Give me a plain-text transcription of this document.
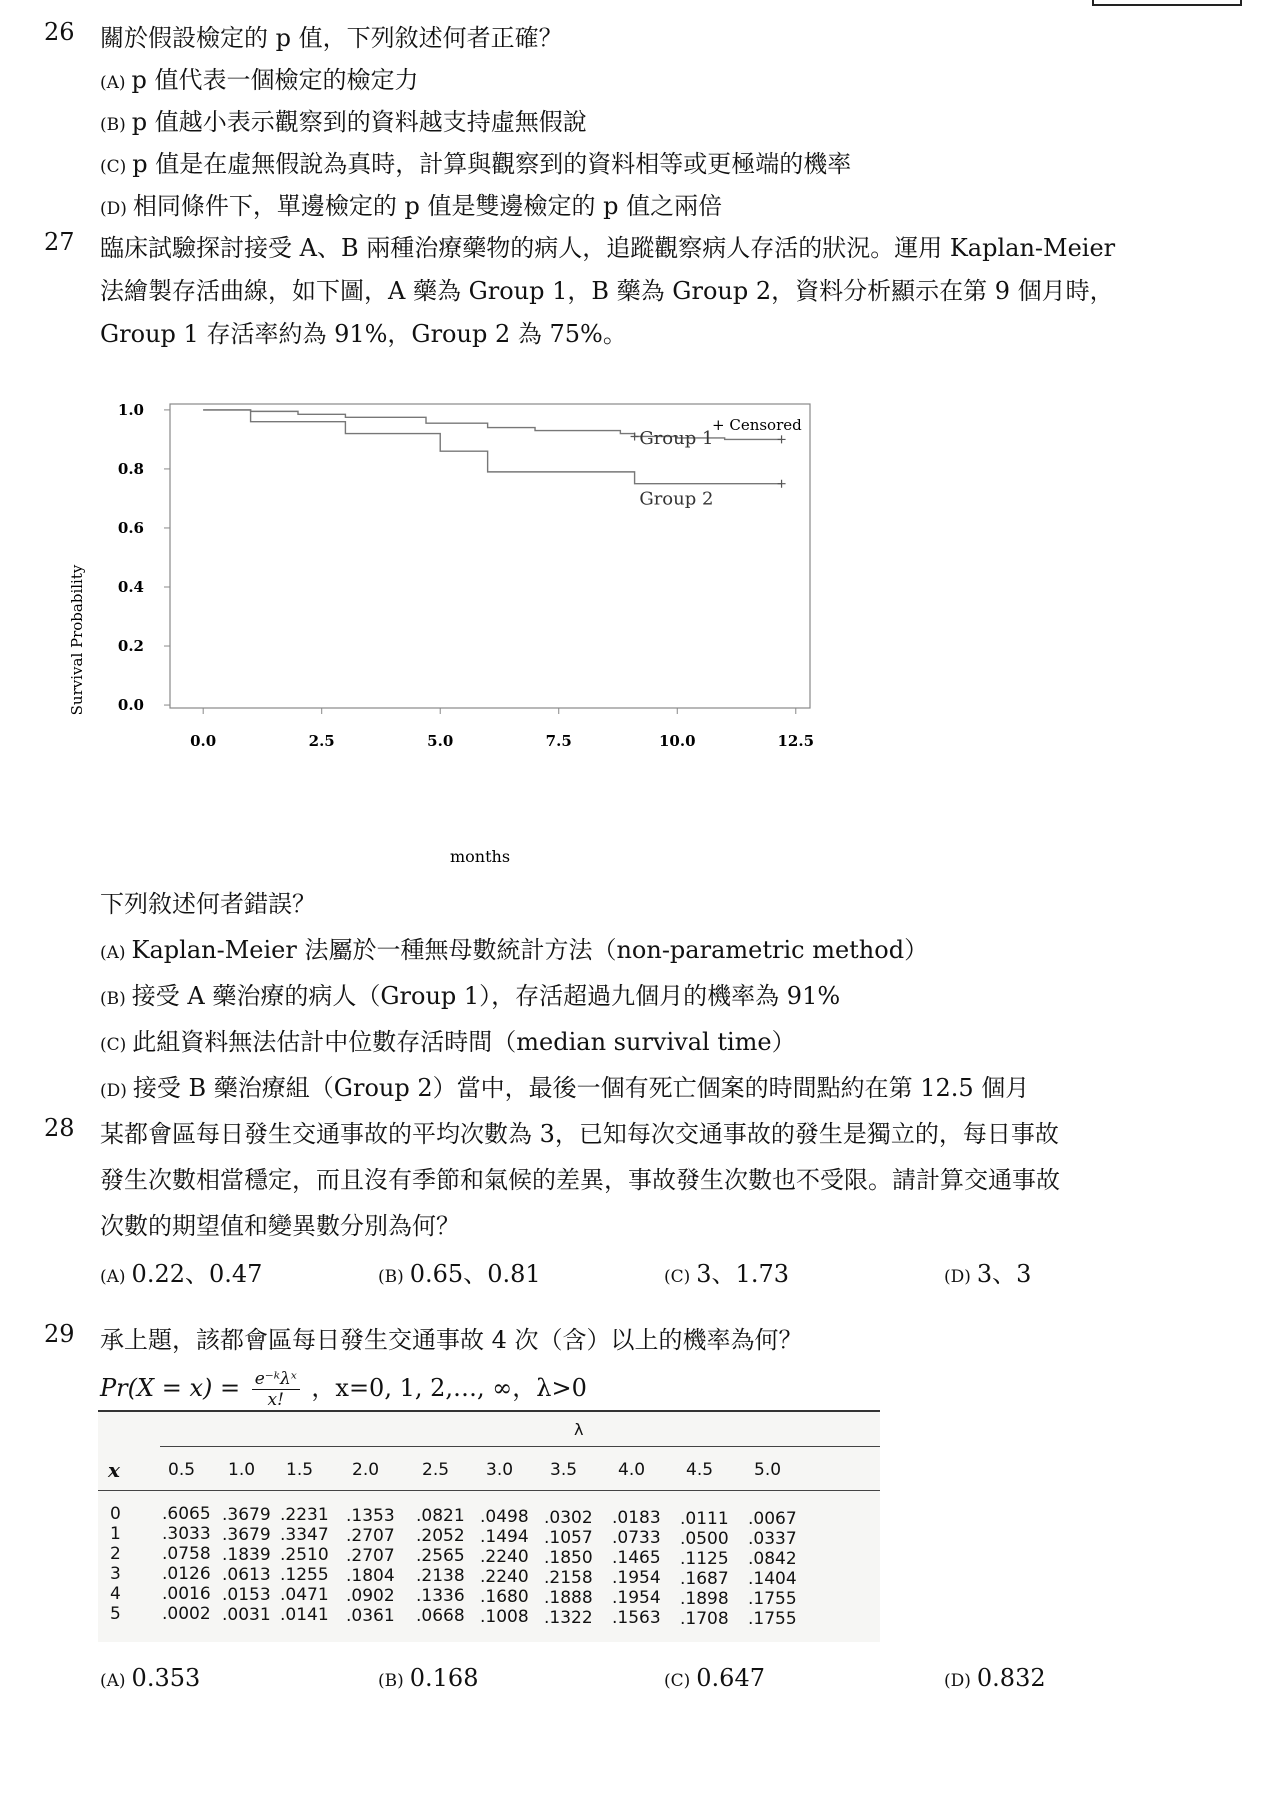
26 關於假設檢定的 p 值，下列敘述何者正確？
(A) p 值代表一個檢定的檢定力
(B) p 值越小表示觀察到的資料越支持虛無假說
(C) p 值是在虛無假說為真時，計算與觀察到的資料相等或更極端的機率
(D) 相同條件下，單邊檢定的 p 值是雙邊檢定的 p 值之兩倍
27 臨床試驗探討接受 A、B 兩種治療藥物的病人，追蹤觀察病人存活的狀況。運用 Kaplan-Meier
法繪製存活曲線，如下圖，A 藥為 Group 1，B 藥為 Group 2，資料分析顯示在第 9 個月時，
Group 1 存活率約為 91%，Group 2 為 75%。
0.0
0.2
0.4
0.6
0.8
1.0
0.0	2.5	5.0	7.5	10.0	12.5
Group 1
Group 2
+ Censored
months
Survival Probability
下列敘述何者錯誤？
(A) Kaplan-Meier 法屬於一種無母數統計方法（non-parametric method）
(B) 接受 A 藥治療的病人（Group 1），存活超過九個月的機率為 91%
(C) 此組資料無法估計中位數存活時間（median survival time）
(D) 接受 B 藥治療組（Group 2）當中，最後一個有死亡個案的時間點約在第 12.5 個月
28 某都會區每日發生交通事故的平均次數為 3，已知每次交通事故的發生是獨立的，每日事故
發生次數相當穩定，而且沒有季節和氣候的差異，事故發生次數也不受限。請計算交通事故
次數的期望值和變異數分別為何？
(A) 0.22、0.47	(B) 0.65、0.81	(C) 3、1.73	(D) 3、3
29 承上題，該都會區每日發生交通事故 4 次（含）以上的機率為何？
$Pr(X = x) = \frac{\text{e⁻ᵏλˣ}}{x!}$ ，x=0, 1, 2,…, ∞，λ>0
λ
x	0.5 1.0 1.5 2.0	2.5 3.0 3.5 4.0 4.5 5.0
0 .6065 .3679 .2231 .1353 .0821 .0498 .0302 .0183 .0111 .0067
1 .3033 .3679 .3347 .2707 .2052 .1494 .1057 .0733 .0500 .0337
2 .0758 .1839 .2510 .2707 .2565 .2240 .1850 .1465 .1125 .0842
3 .0126 .0613 .1255 .1804 .2138 .2240 .2158 .1954 .1687 .1404
4 .0016 .0153 .0471 .0902 .1336 .1680 .1888 .1954 .1898 .1755
5 .0002 .0031 .0141 .0361 .0668 .1008 .1322 .1563 .1708 .1755
(A) 0.353	(B) 0.168	(C) 0.647	(D) 0.832
